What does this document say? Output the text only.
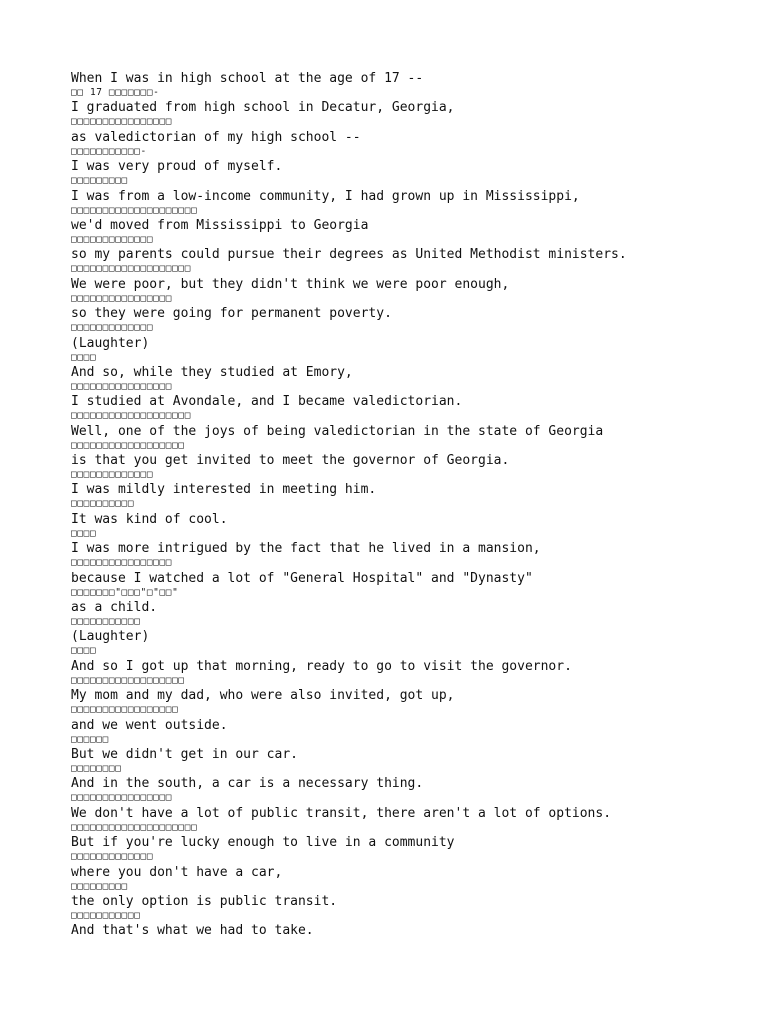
When I was in high school at the age of 17 --
□□ 17 □□□□□□□-
I graduated from high school in Decatur, Georgia,
□□□□□□□□□□□□□□□□
as valedictorian of my high school --
□□□□□□□□□□□-
I was very proud of myself.
□□□□□□□□□
I was from a low-income community, I had grown up in Mississippi,
□□□□□□□□□□□□□□□□□□□□
we'd moved from Mississippi to Georgia
□□□□□□□□□□□□□
so my parents could pursue their degrees as United Methodist ministers.
□□□□□□□□□□□□□□□□□□□
We were poor, but they didn't think we were poor enough,
□□□□□□□□□□□□□□□□
so they were going for permanent poverty.
□□□□□□□□□□□□□
(Laughter)
□□□□
And so, while they studied at Emory,
□□□□□□□□□□□□□□□□
I studied at Avondale, and I became valedictorian.
□□□□□□□□□□□□□□□□□□□
Well, one of the joys of being valedictorian in the state of Georgia
□□□□□□□□□□□□□□□□□□
is that you get invited to meet the governor of Georgia.
□□□□□□□□□□□□□
I was mildly interested in meeting him.
□□□□□□□□□□
It was kind of cool.
□□□□
I was more intrigued by the fact that he lived in a mansion,
□□□□□□□□□□□□□□□□
because I watched a lot of "General Hospital" and "Dynasty"
□□□□□□□"□□□"□"□□"
as a child.
□□□□□□□□□□□
(Laughter)
□□□□
And so I got up that morning, ready to go to visit the governor.
□□□□□□□□□□□□□□□□□□
My mom and my dad, who were also invited, got up,
□□□□□□□□□□□□□□□□□
and we went outside.
□□□□□□
But we didn't get in our car.
□□□□□□□□
And in the south, a car is a necessary thing.
□□□□□□□□□□□□□□□□
We don't have a lot of public transit, there aren't a lot of options.
□□□□□□□□□□□□□□□□□□□□
But if you're lucky enough to live in a community
□□□□□□□□□□□□□
where you don't have a car,
□□□□□□□□□
the only option is public transit.
□□□□□□□□□□□
And that's what we had to take.
